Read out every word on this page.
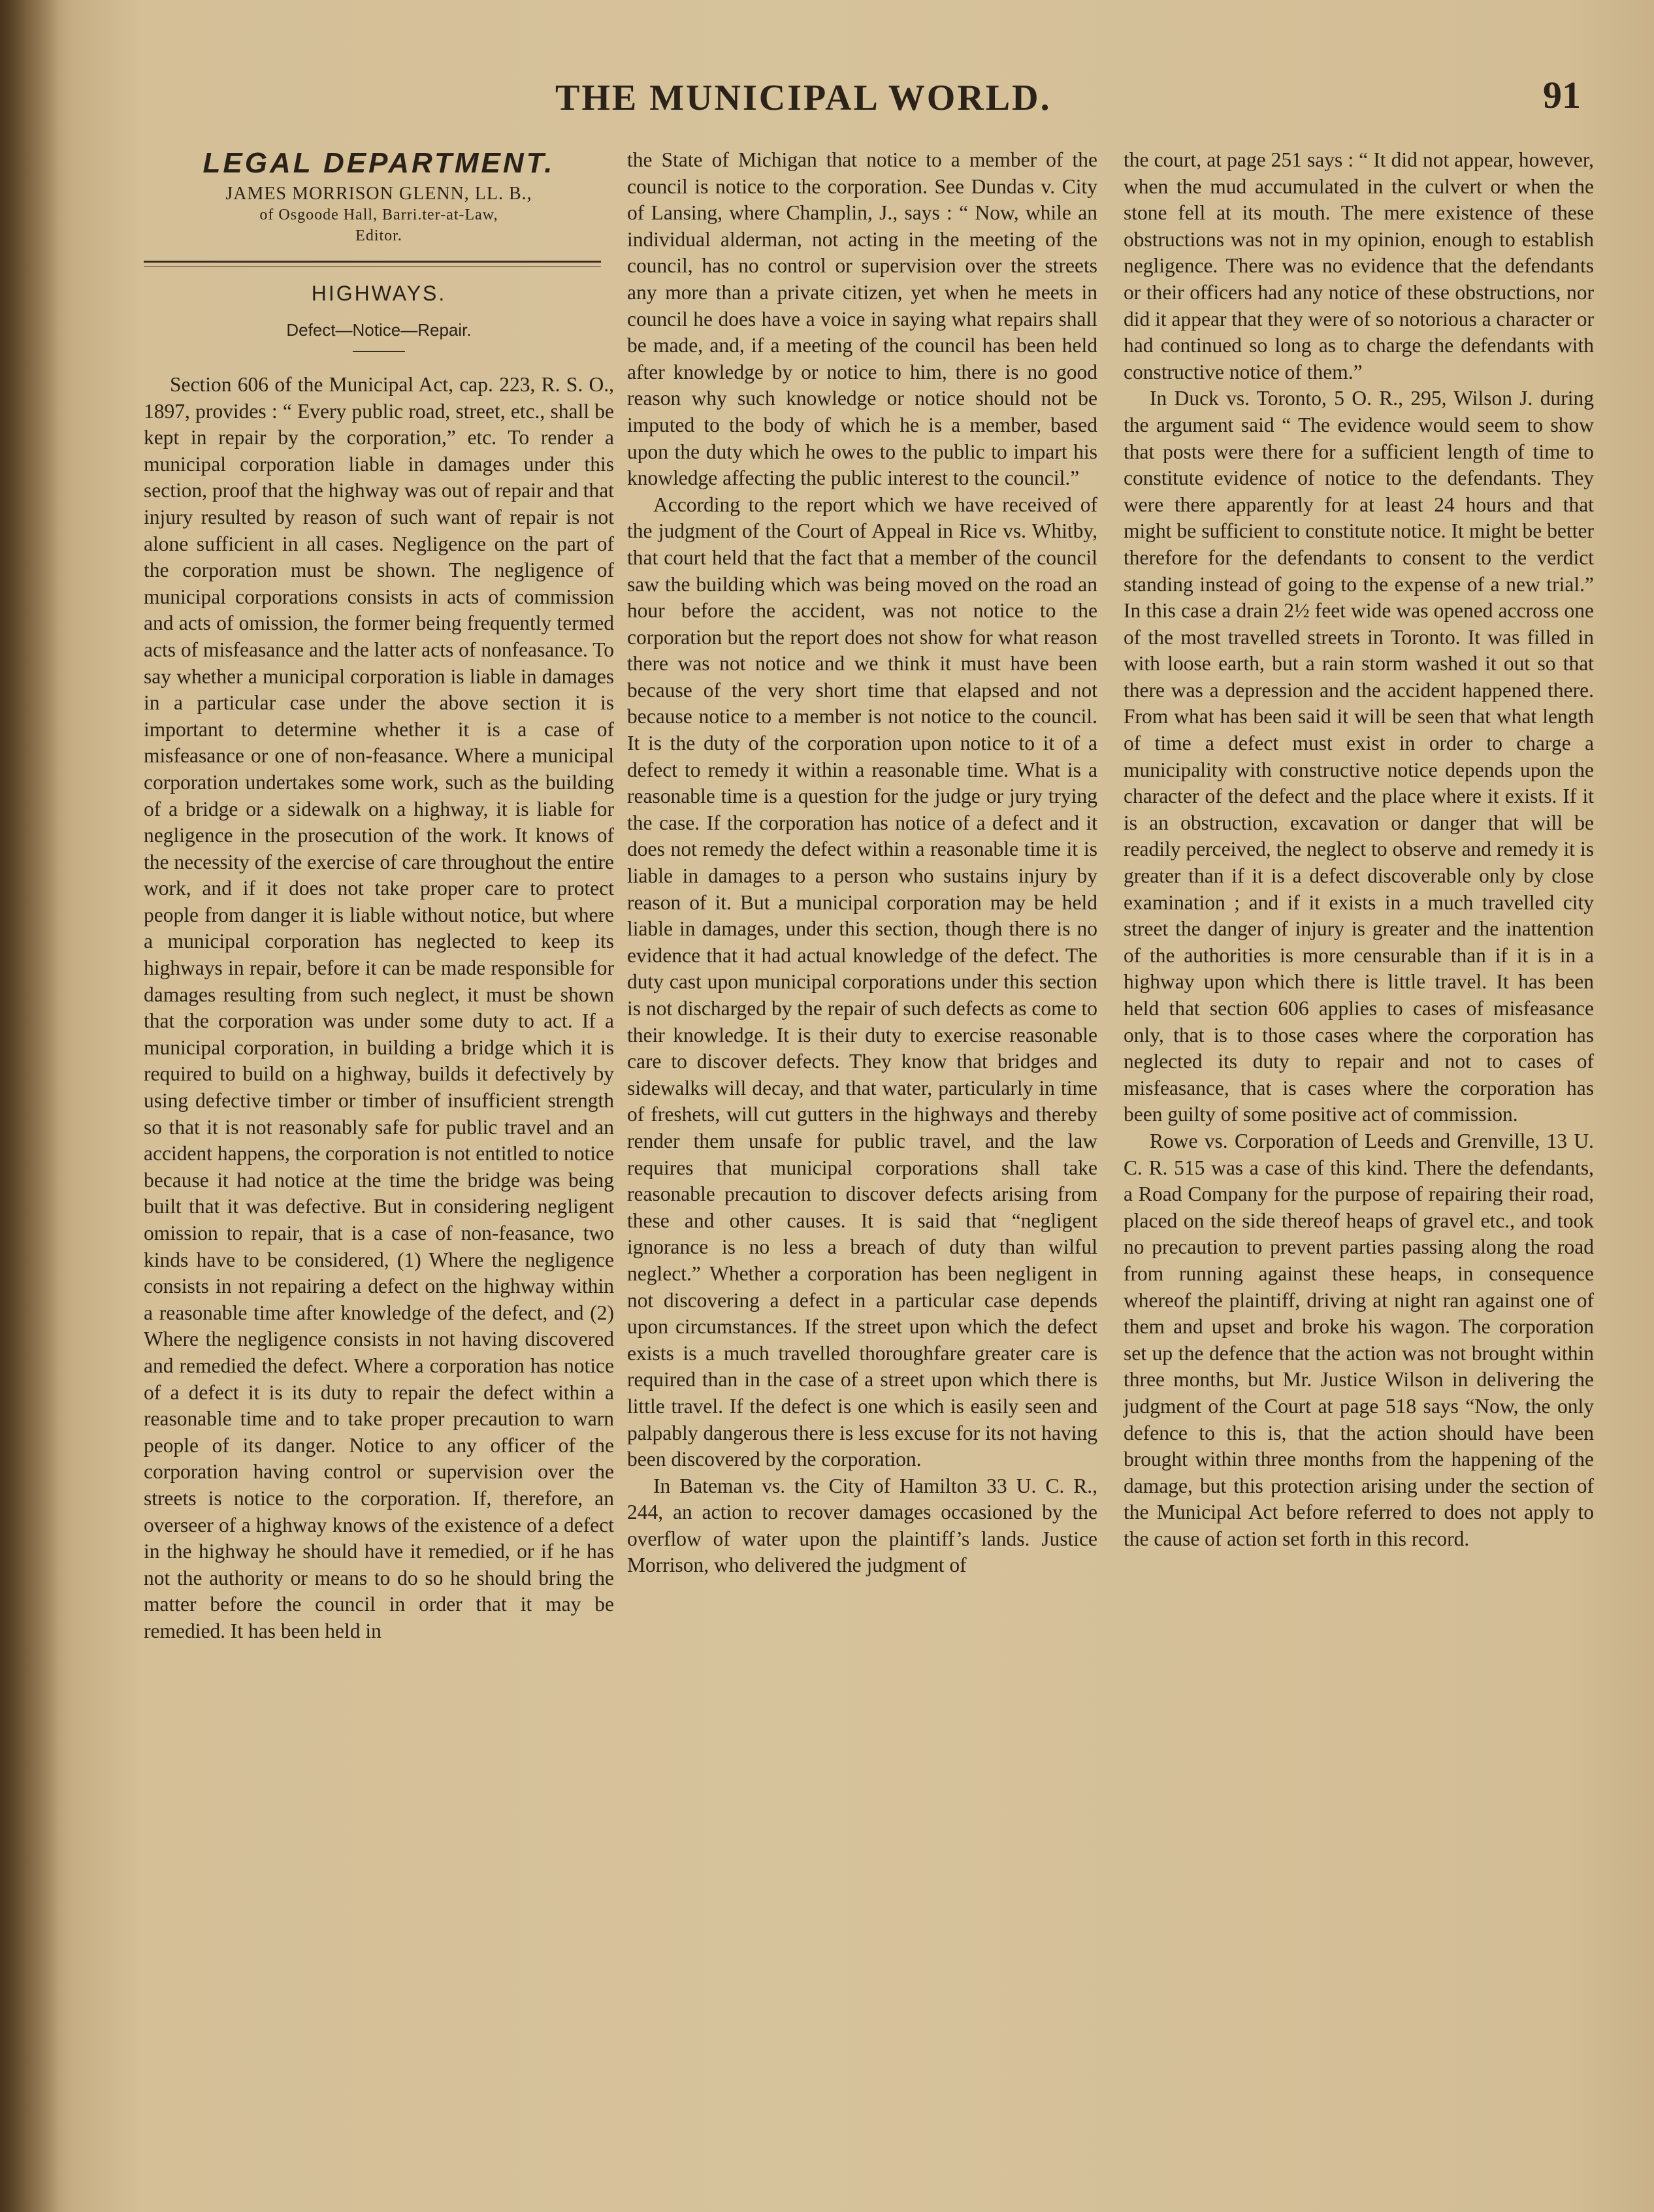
THE MUNICIPAL WORLD.	91
LEGAL DEPARTMENT.
JAMES MORRISON GLENN, LL. B.,
of Osgoode Hall, Barri.ter-at-Law,
Editor.
HIGHWAYS.
Defect—Notice—Repair.

Section 606 of the Municipal Act, cap. 223, R. S. O., 1897, provides : “ Every public road, street, etc., shall be kept in repair by the corporation,” etc. To render a municipal corporation liable in damages under this section, proof that the highway was out of repair and that injury resulted by reason of such want of repair is not alone sufficient in all cases. Negligence on the part of the corporation must be shown. The negligence of municipal corporations consists in acts of commission and acts of omission, the former being frequently termed acts of misfeasance and the latter acts of nonfeasance. To say whether a municipal corporation is liable in damages in a particular case under the above section it is important to determine whether it is a case of misfeasance or one of non-feasance. Where a municipal corporation undertakes some work, such as the building of a bridge or a sidewalk on a highway, it is liable for negligence in the prosecution of the work. It knows of the necessity of the exercise of care throughout the entire work, and if it does not take proper care to protect people from danger it is liable without notice, but where a municipal corporation has neglected to keep its highways in repair, before it can be made responsible for damages resulting from such neglect, it must be shown that the corporation was under some duty to act. If a municipal corporation, in building a bridge which it is required to build on a highway, builds it defectively by using defective timber or timber of insufficient strength so that it is not reasonably safe for public travel and an accident happens, the corporation is not entitled to notice because it had notice at the time the bridge was being built that it was defective. But in considering negligent omission to repair, that is a case of non-feasance, two kinds have to be considered, (1) Where the negligence consists in not repairing a defect on the highway within a reasonable time after knowledge of the defect, and (2) Where the negligence consists in not having discovered and remedied the defect. Where a corporation has notice of a defect it is its duty to repair the defect within a reasonable time and to take proper precaution to warn people of its danger. Notice to any officer of the corporation having control or supervision over the streets is notice to the corporation. If, therefore, an overseer of a highway knows of the existence of a defect in the highway he should have it remedied, or if he has not the authority or means to do so he should bring the matter before the council in order that it may be remedied. It has been held in

the State of Michigan that notice to a member of the council is notice to the corporation. See Dundas v. City of Lansing, where Champlin, J., says : “ Now, while an individual alderman, not acting in the meeting of the council, has no control or supervision over the streets any more than a private citizen, yet when he meets in council he does have a voice in saying what repairs shall be made, and, if a meeting of the council has been held after knowledge by or notice to him, there is no good reason why such knowledge or notice should not be imputed to the body of which he is a member, based upon the duty which he owes to the public to impart his knowledge affecting the public interest to the council.”

According to the report which we have received of the judgment of the Court of Appeal in Rice vs. Whitby, that court held that the fact that a member of the council saw the building which was being moved on the road an hour before the accident, was not notice to the corporation but the report does not show for what reason there was not notice and we think it must have been because of the very short time that elapsed and not because notice to a member is not notice to the council. It is the duty of the corporation upon notice to it of a defect to remedy it within a reasonable time. What is a reasonable time is a question for the judge or jury trying the case. If the corporation has notice of a defect and it does not remedy the defect within a reasonable time it is liable in damages to a person who sustains injury by reason of it. But a municipal corporation may be held liable in damages, under this section, though there is no evidence that it had actual knowledge of the defect. The duty cast upon municipal corporations under this section is not discharged by the repair of such defects as come to their knowledge. It is their duty to exercise reasonable care to discover defects. They know that bridges and sidewalks will decay, and that water, particularly in time of freshets, will cut gutters in the highways and thereby render them unsafe for public travel, and the law requires that municipal corporations shall take reasonable precaution to discover defects arising from these and other causes. It is said that “negligent ignorance is no less a breach of duty than wilful neglect.” Whether a corporation has been negligent in not discovering a defect in a particular case depends upon circumstances. If the street upon which the defect exists is a much travelled thoroughfare greater care is required than in the case of a street upon which there is little travel. If the defect is one which is easily seen and palpably dangerous there is less excuse for its not having been discovered by the corporation.

In Bateman vs. the City of Hamilton 33 U. C. R., 244, an action to recover damages occasioned by the overflow of water upon the plaintiff’s lands. Justice Morrison, who delivered the judgment of

the court, at page 251 says : “ It did not appear, however, when the mud accumulated in the culvert or when the stone fell at its mouth. The mere existence of these obstructions was not in my opinion, enough to establish negligence. There was no evidence that the defendants or their officers had any notice of these obstructions, nor did it appear that they were of so notorious a character or had continued so long as to charge the defendants with constructive notice of them.”

In Duck vs. Toronto, 5 O. R., 295, Wilson J. during the argument said “ The evidence would seem to show that posts were there for a sufficient length of time to constitute evidence of notice to the defendants. They were there apparently for at least 24 hours and that might be sufficient to constitute notice. It might be better therefore for the defendants to consent to the verdict standing instead of going to the expense of a new trial.” In this case a drain 2½ feet wide was opened accross one of the most travelled streets in Toronto. It was filled in with loose earth, but a rain storm washed it out so that there was a depression and the accident happened there. From what has been said it will be seen that what length of time a defect must exist in order to charge a municipality with constructive notice depends upon the character of the defect and the place where it exists. If it is an obstruction, excavation or danger that will be readily perceived, the neglect to observe and remedy it is greater than if it is a defect discoverable only by close examination ; and if it exists in a much travelled city street the danger of injury is greater and the inattention of the authorities is more censurable than if it is in a highway upon which there is little travel. It has been held that section 606 applies to cases of misfeasance only, that is to those cases where the corporation has neglected its duty to repair and not to cases of misfeasance, that is cases where the corporation has been guilty of some positive act of commission.

Rowe vs. Corporation of Leeds and Grenville, 13 U. C. R. 515 was a case of this kind. There the defendants, a Road Company for the purpose of repairing their road, placed on the side thereof heaps of gravel etc., and took no precaution to prevent parties passing along the road from running against these heaps, in consequence whereof the plaintiff, driving at night ran against one of them and upset and broke his wagon. The corporation set up the defence that the action was not brought within three months, but Mr. Justice Wilson in delivering the judgment of the Court at page 518 says “Now, the only defence to this is, that the action should have been brought within three months from the happening of the damage, but this protection arising under the section of the Municipal Act before referred to does not apply to the cause of action set forth in this record.
